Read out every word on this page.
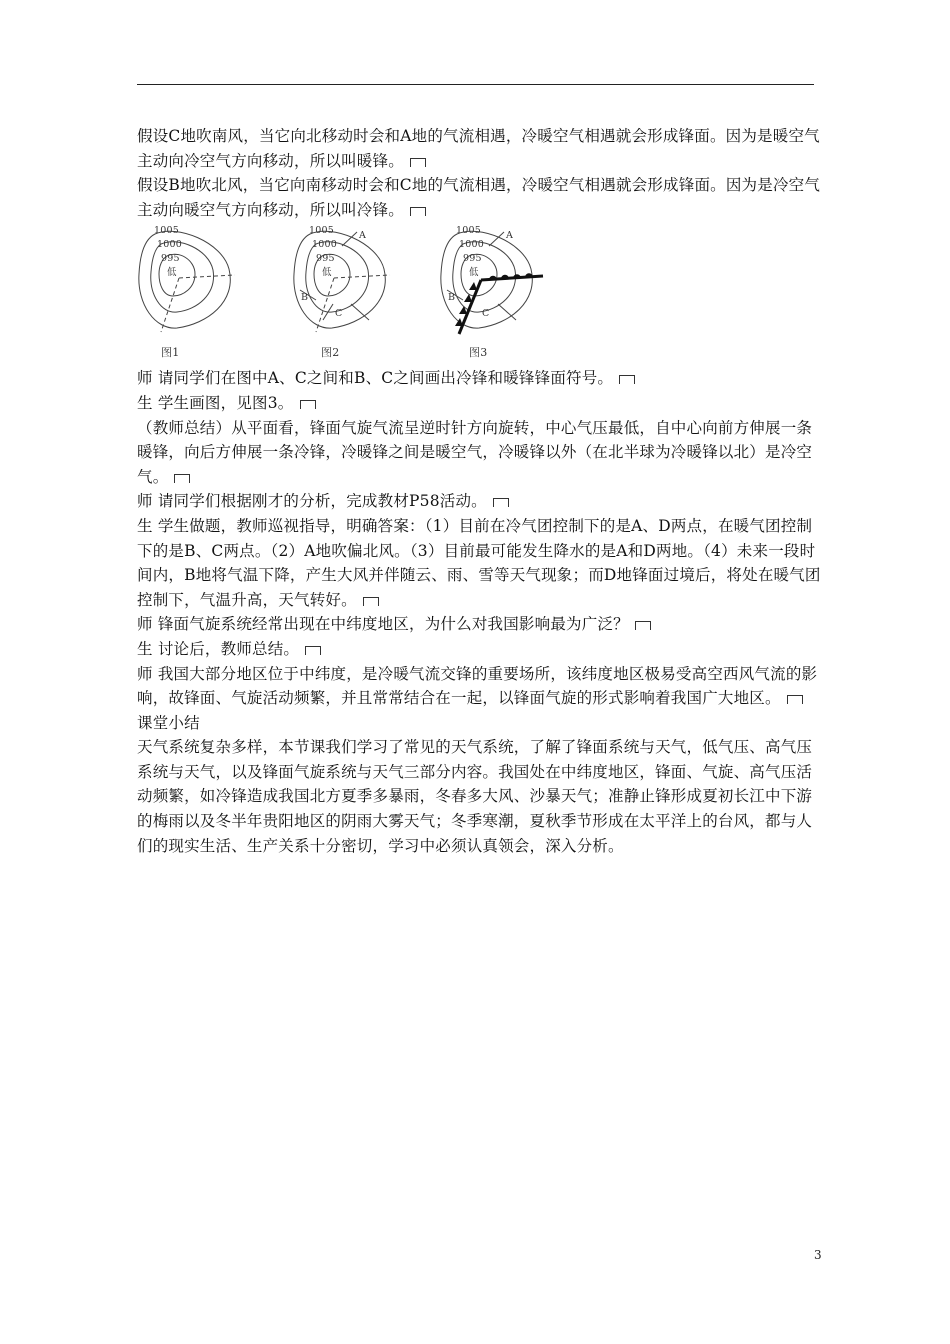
假设C地吹南风，当它向北移动时会和A地的气流相遇，冷暖空气相遇就会形成锋面。因为是暖空气主动向冷空气方向移动，所以叫暖锋。

假设B地吹北风，当它向南移动时会和C地的气流相遇，冷暖空气相遇就会形成锋面。因为是冷空气主动向暖空气方向移动，所以叫冷锋。

1005
1000
995
低
1005
1000
995
低
A
B
C
1005
1000
995
低
A
B
C
图1	图2	图3

师 请同学们在图中A、C之间和B、C之间画出冷锋和暖锋锋面符号。

生 学生画图，见图3。

（教师总结）从平面看，锋面气旋气流呈逆时针方向旋转，中心气压最低，自中心向前方伸展一条暖锋，向后方伸展一条冷锋，冷暖锋之间是暖空气，冷暖锋以外（在北半球为冷暖锋以北）是冷空气。

师 请同学们根据刚才的分析，完成教材P58活动。

生 学生做题，教师巡视指导，明确答案：（1）目前在冷气团控制下的是A、D两点，在暖气团控制下的是B、C两点。（2）A地吹偏北风。（3）目前最可能发生降水的是A和D两地。（4）未来一段时间内，B地将气温下降，产生大风并伴随云、雨、雪等天气现象；而D地锋面过境后，将处在暖气团控制下，气温升高，天气转好。

师 锋面气旋系统经常出现在中纬度地区，为什么对我国影响最为广泛？

生 讨论后，教师总结。

师 我国大部分地区位于中纬度，是冷暖气流交锋的重要场所，该纬度地区极易受高空西风气流的影响，故锋面、气旋活动频繁，并且常常结合在一起，以锋面气旋的形式影响着我国广大地区。

课堂小结

天气系统复杂多样，本节课我们学习了常见的天气系统，了解了锋面系统与天气，低气压、高气压系统与天气，以及锋面气旋系统与天气三部分内容。我国处在中纬度地区，锋面、气旋、高气压活动频繁，如冷锋造成我国北方夏季多暴雨，冬春多大风、沙暴天气；准静止锋形成夏初长江中下游的梅雨以及冬半年贵阳地区的阴雨大雾天气；冬季寒潮，夏秋季节形成在太平洋上的台风，都与人们的现实生活、生产关系十分密切，学习中必须认真领会，深入分析。

3
